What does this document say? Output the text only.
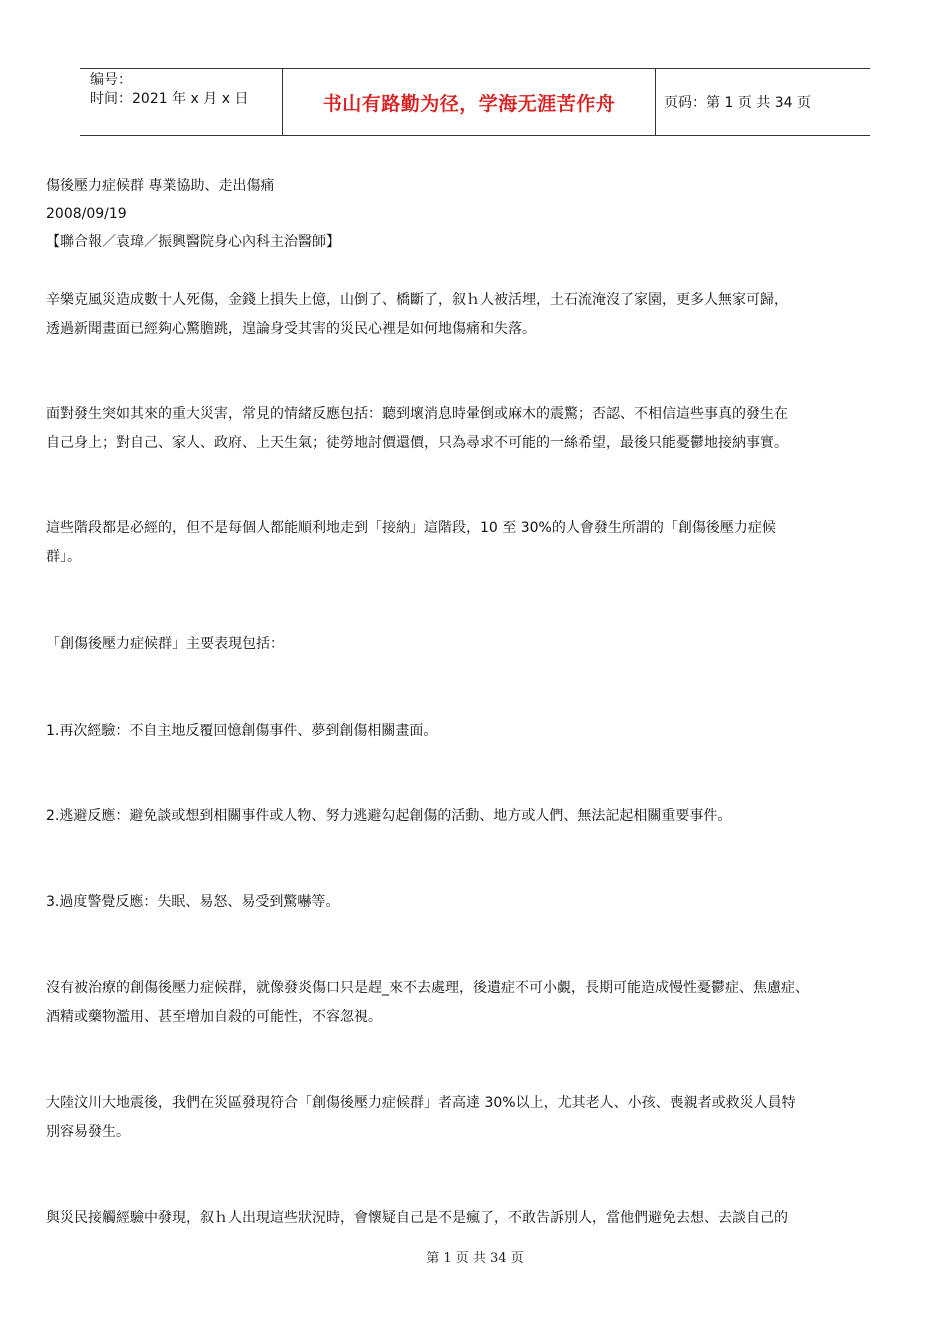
编号：
时间：2021 年 x 月 x 日	书山有路勤为径，学海无涯苦作舟	页码：第 1 页 共 34 页

傷後壓力症候群 專業協助、走出傷痛

2008/09/19

【聯合報／袁瑋／振興醫院身心內科主治醫師】

辛樂克風災造成數十人死傷，金錢上損失上億，山倒了、橋斷了，叙ｈ人被活埋，土石流淹沒了家園，更多人無家可歸，

透過新聞畫面已經夠心驚膽跳，遑論身受其害的災民心裡是如何地傷痛和失落。

面對發生突如其來的重大災害，常見的情緒反應包括：聽到壞消息時暈倒或麻木的震驚；否認、不相信這些事真的發生在

自己身上；對自己、家人、政府、上天生氣；徒勞地討價還價，只為尋求不可能的一絲希望，最後只能憂鬱地接納事實。

這些階段都是必經的，但不是每個人都能順利地走到「接納」這階段，10 至 30%的人會發生所謂的「創傷後壓力症候

群」。

「創傷後壓力症候群」主要表現包括：

1.再次經驗：不自主地反覆回憶創傷事件、夢到創傷相關畫面。

2.逃避反應：避免談或想到相關事件或人物、努力逃避勾起創傷的活動、地方或人們、無法記起相關重要事件。

3.過度警覺反應：失眠、易怒、易受到驚嚇等。

沒有被治療的創傷後壓力症候群，就像發炎傷口只是趕_來不去處理，後遺症不可小覷，長期可能造成慢性憂鬱症、焦慮症、

酒精或藥物濫用、甚至增加自殺的可能性，不容忽視。

大陸汶川大地震後，我們在災區發現符合「創傷後壓力症候群」者高達 30%以上，尤其老人、小孩、喪親者或救災人員特

別容易發生。

與災民接觸經驗中發現，叙ｈ人出現這些狀況時，會懷疑自己是不是瘋了，不敢告訴別人，當他們避免去想、去談自己的

第 1 页 共 34 页
